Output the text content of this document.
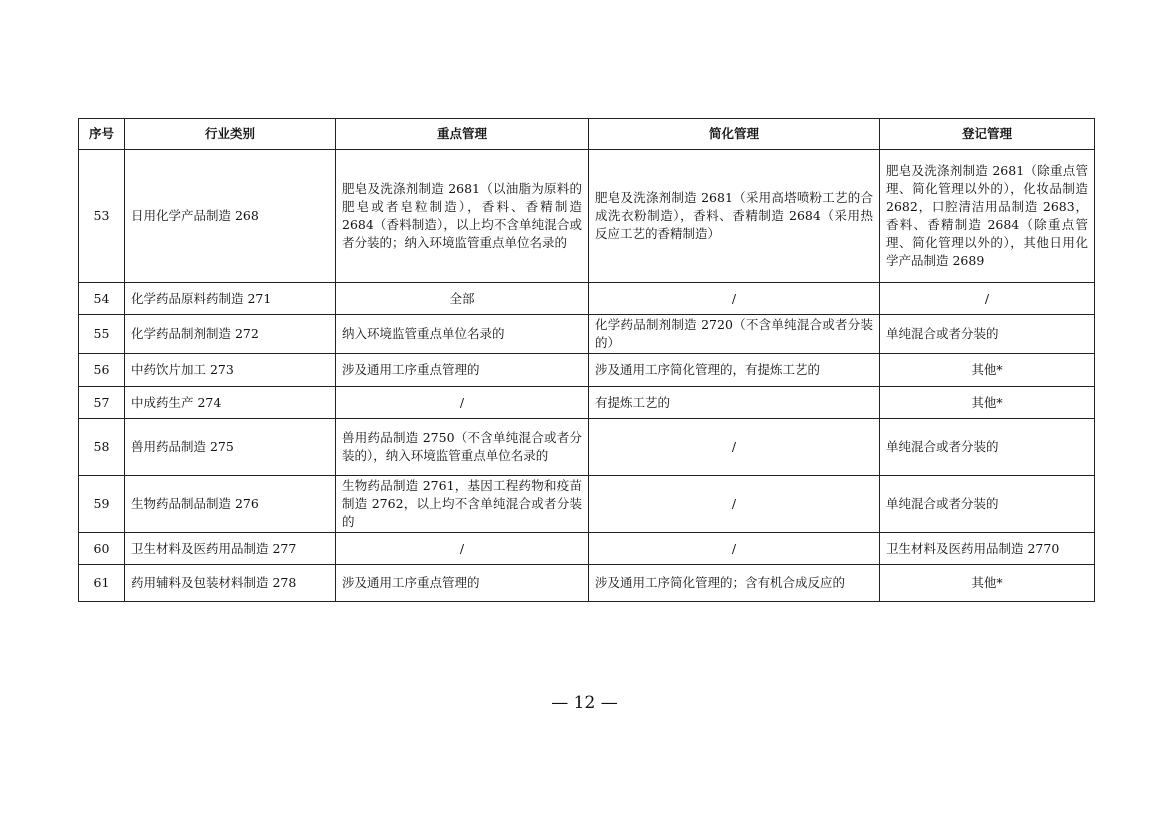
序号	行业类别	重点管理	简化管理	登记管理
53	日用化学产品制造 268	肥皂及洗涤剂制造 2681（以油脂为原料的肥皂或者皂粒制造），香料、香精制造 2684（香料制造），以上均不含单纯混合或者分装的；纳入环境监管重点单位名录的	肥皂及洗涤剂制造 2681（采用高塔喷粉工艺的合成洗衣粉制造），香料、香精制造 2684（采用热反应工艺的香精制造）	肥皂及洗涤剂制造 2681（除重点管理、简化管理以外的），化妆品制造 2682，口腔清洁用品制造 2683，香料、香精制造 2684（除重点管理、简化管理以外的），其他日用化学产品制造 2689
54	化学药品原料药制造 271	全部	/	/
55	化学药品制剂制造 272	纳入环境监管重点单位名录的	化学药品制剂制造 2720（不含单纯混合或者分装的）	单纯混合或者分装的
56	中药饮片加工 273	涉及通用工序重点管理的	涉及通用工序简化管理的，有提炼工艺的	其他*
57	中成药生产 274	/	有提炼工艺的	其他*
58	兽用药品制造 275	兽用药品制造 2750（不含单纯混合或者分装的），纳入环境监管重点单位名录的	/	单纯混合或者分装的
59	生物药品制品制造 276	生物药品制造 2761，基因工程药物和疫苗制造 2762，以上均不含单纯混合或者分装的	/	单纯混合或者分装的
60	卫生材料及医药用品制造 277	/	/	卫生材料及医药用品制造 2770
61	药用辅料及包装材料制造 278	涉及通用工序重点管理的	涉及通用工序简化管理的；含有机合成反应的	其他*
— 12 —
